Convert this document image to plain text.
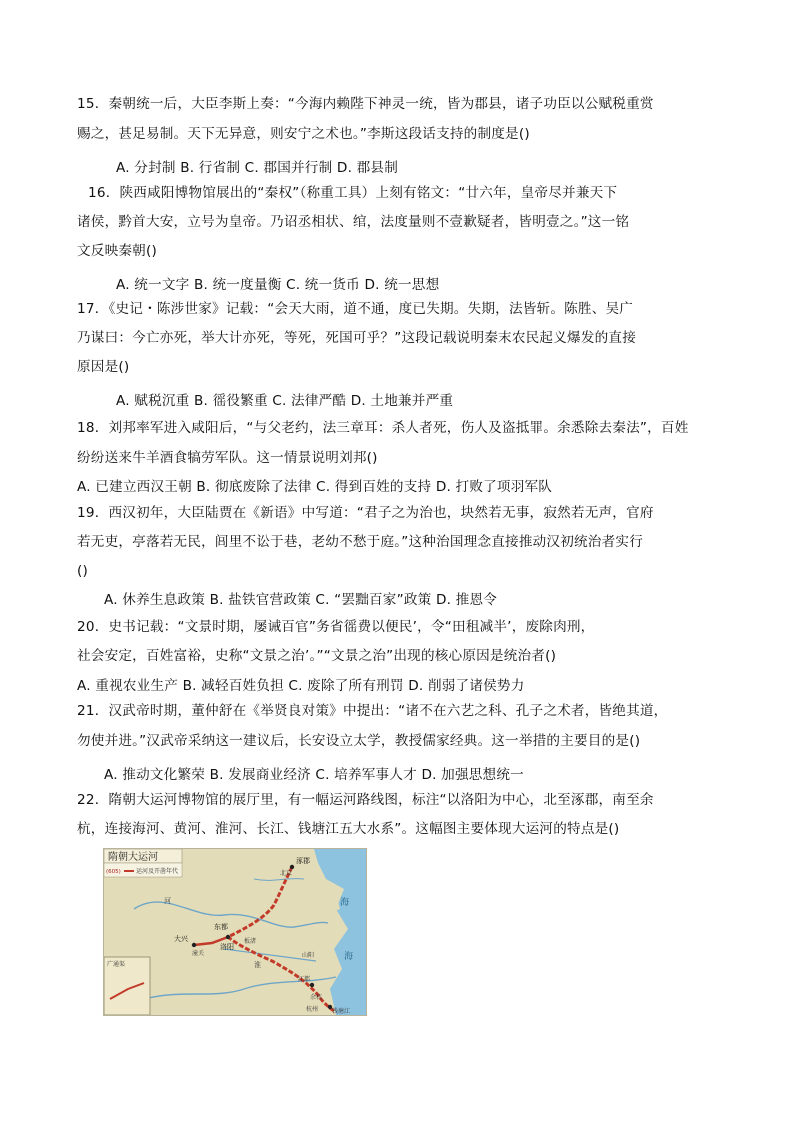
15．秦朝统一后，大臣李斯上奏：“今海内赖陛下神灵一统，皆为郡县，诸子功臣以公赋税重赏
赐之，甚足易制。天下无异意，则安宁之术也。”李斯这段话支持的制度是()
A. 分封制 B. 行省制 C. 郡国并行制 D. 郡县制
16．陕西咸阳博物馆展出的“秦权”（称重工具）上刻有铭文：“廿六年，皇帝尽并兼天下
诸侯，黔首大安，立号为皇帝。乃诏丞相状、绾，法度量则不壹歉疑者，皆明壹之。”这一铭
文反映秦朝()
A. 统一文字 B. 统一度量衡 C. 统一货币 D. 统一思想
17．《史记・陈涉世家》记载：“会天大雨，道不通，度已失期。失期，法皆斩。陈胜、吴广
乃谋曰：今亡亦死，举大计亦死，等死，死国可乎？”这段记载说明秦末农民起义爆发的直接
原因是()
A. 赋税沉重 B. 徭役繁重 C. 法律严酷 D. 土地兼并严重
18．刘邦率军进入咸阳后，“与父老约，法三章耳：杀人者死，伤人及盗抵罪。余悉除去秦法”，百姓
纷纷送来牛羊酒食犒劳军队。这一情景说明刘邦()
A. 已建立西汉王朝 B. 彻底废除了法律 C. 得到百姓的支持 D. 打败了项羽军队
19．西汉初年，大臣陆贾在《新语》中写道：“君子之为治也，块然若无事，寂然若无声，官府
若无吏，亭落若无民，闾里不讼于巷，老幼不愁于庭。”这种治国理念直接推动汉初统治者实行
()
A. 休养生息政策 B. 盐铁官营政策 C. “罢黜百家”政策 D. 推恩令
20．史书记载：“文景时期，屡诫百官”务省徭费以便民’，令“田租减半’，废除肉刑，
社会安定，百姓富裕，史称“文景之治’。”“文景之治”出现的核心原因是统治者()
A. 重视农业生产 B. 减轻百姓负担 C. 废除了所有刑罚 D. 削弱了诸侯势力
21．汉武帝时期，董仲舒在《举贤良对策》中提出：“诸不在六艺之科、孔子之术者，皆绝其道，
勿使并进。”汉武帝采纳这一建议后，长安设立太学，教授儒家经典。这一举措的主要目的是()
A. 推动文化繁荣 B. 发展商业经济 C. 培养军事人才 D. 加强思想统一
22．隋朝大运河博物馆的展厅里，有一幅运河路线图，标注“以洛阳为中心，北至涿郡，南至余
杭，连接海河、黄河、淮河、长江、钱塘江五大水系”。这幅图主要体现大运河的特点是()
隋朝大运河
(605)	运河及开凿年代
广通渠
涿郡
北京
大兴
东都
洛阳
潼关
板渚
山阳
江都
余杭
杭州 钱塘江
海
海
河
淮
